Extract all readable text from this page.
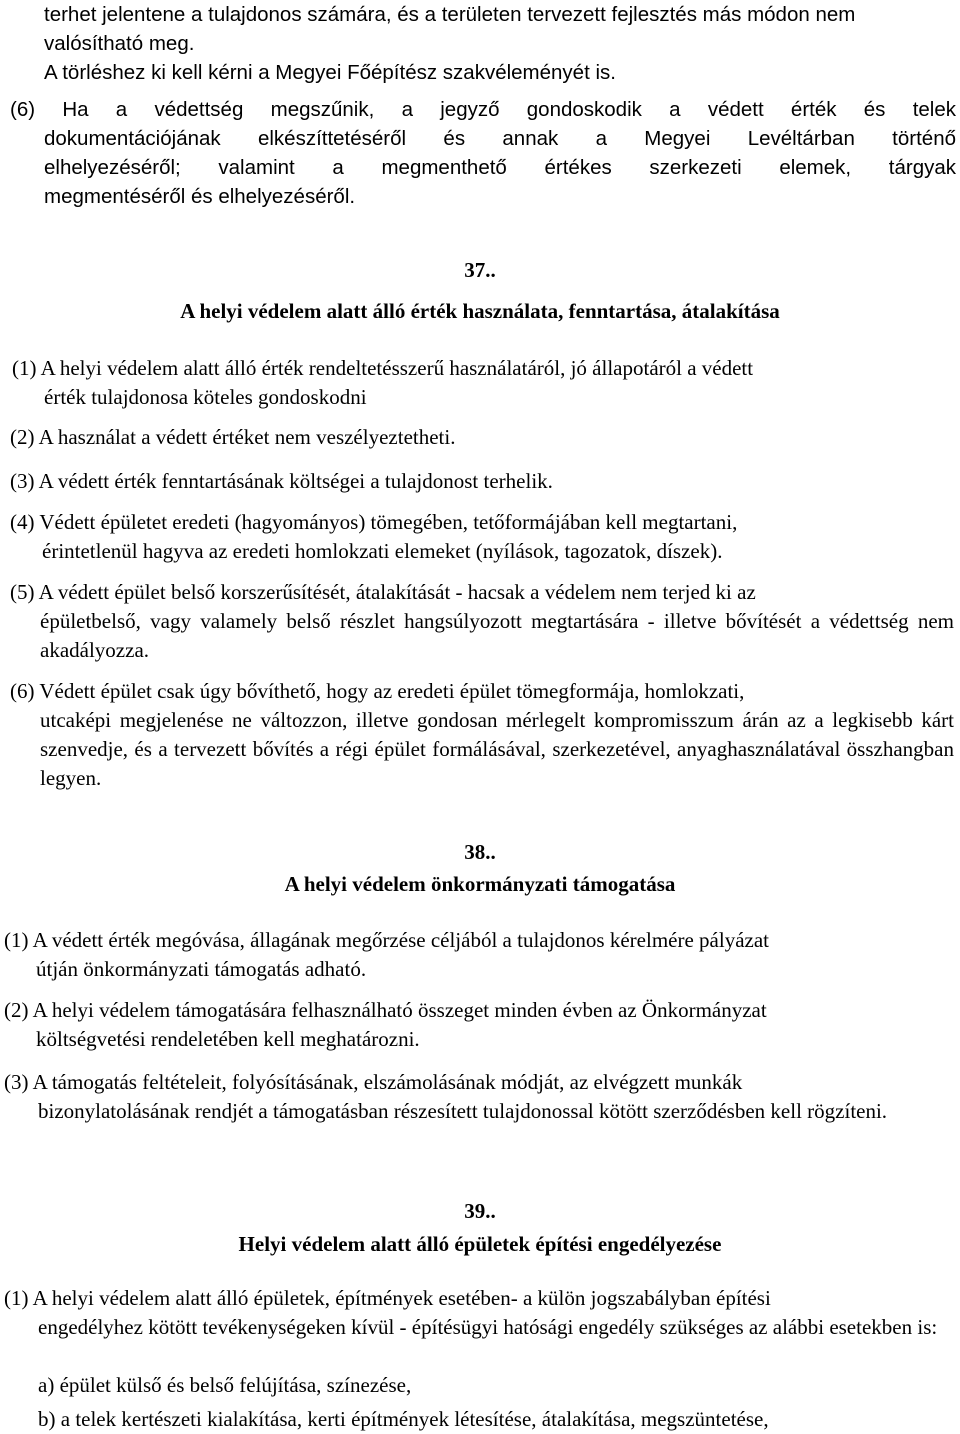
terhet jelentene a tulajdonos számára, és a területen tervezett fejlesztés más módon nem

valósítható meg.

A törléshez ki kell kérni a Megyei Főépítész szakvéleményét is.

(6) Ha a védettség megszűnik, a jegyző gondoskodik a védett érték és telek
dokumentációjának elkészíttetéséről és annak a Megyei Levéltárban történő
elhelyezéséről; valamint a megmenthető értékes szerkezeti elemek, tárgyak
megmentéséről és elhelyezéséről.
37..
A helyi védelem alatt álló érték használata, fenntartása, átalakítása
(1) A helyi védelem alatt álló érték rendeltetésszerű használatáról, jó állapotáról a védett
érték tulajdonosa köteles gondoskodni
(2) A használat a védett értéket nem veszélyeztetheti.
(3) A védett érték fenntartásának költségei a tulajdonost terhelik.
(4) Védett épületet eredeti (hagyományos) tömegében, tetőformájában kell megtartani,
érintetlenül hagyva az eredeti homlokzati elemeket (nyílások, tagozatok, díszek).
(5) A védett épület belső korszerűsítését, átalakítását - hacsak a védelem nem terjed ki az
épületbelső, vagy valamely belső részlet hangsúlyozott megtartására - illetve bővítését a védettség nem akadályozza.
(6) Védett épület csak úgy bővíthető, hogy az eredeti épület tömegformája, homlokzati,
utcaképi megjelenése ne változzon, illetve gondosan mérlegelt kompromisszum árán az a legkisebb kárt szenvedje, és a tervezett bővítés a régi épület formálásával, szerkezetével, anyaghasználatával összhangban legyen.
38..
A helyi védelem önkormányzati támogatása
(1) A védett érték megóvása, állagának megőrzése céljából a tulajdonos kérelmére pályázat
útján önkormányzati támogatás adható.
(2) A helyi védelem támogatására felhasználható összeget minden évben az Önkormányzat
költségvetési rendeletében kell meghatározni.
(3) A támogatás feltételeit, folyósításának, elszámolásának módját, az elvégzett munkák
bizonylatolásának rendjét a támogatásban részesített tulajdonossal kötött szerződésben kell rögzíteni.
39..
Helyi védelem alatt álló épületek építési engedélyezése
(1) A helyi védelem alatt álló épületek, építmények esetében- a külön jogszabályban építési
engedélyhez kötött tevékenységeken kívül - építésügyi hatósági engedély szükséges az alábbi esetekben is:
a) épület külső és belső felújítása, színezése,
b) a telek kertészeti kialakítása, kerti építmények létesítése, átalakítása, megszüntetése,
